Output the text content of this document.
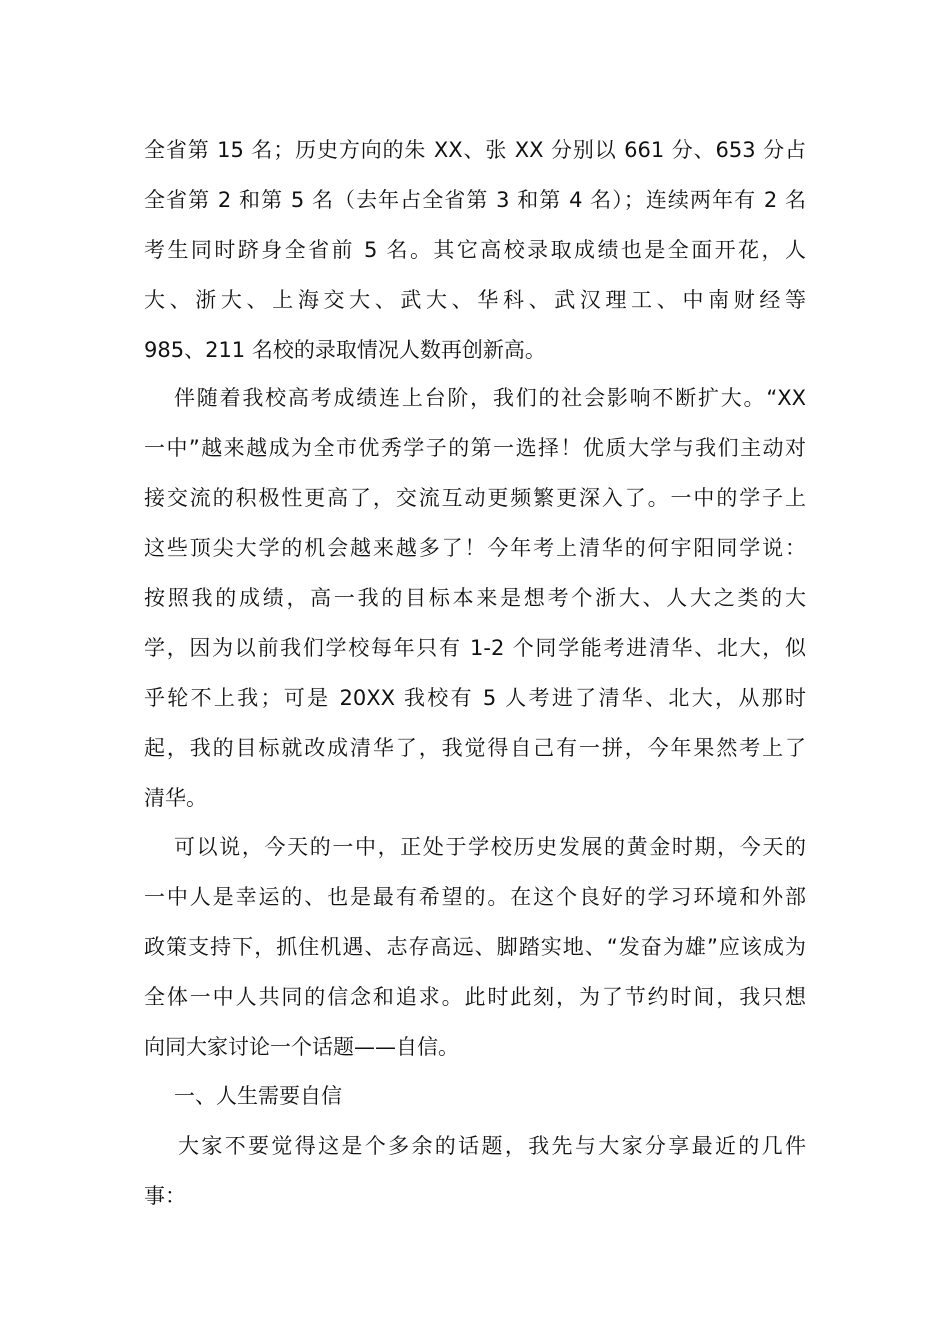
全省第 15 名；历史方向的朱 XX、张 XX 分别以 661 分、653 分占
全省第 2 和第 5 名（去年占全省第 3 和第 4 名）；连续两年有 2 名
考生同时跻身全省前 5 名。其它高校录取成绩也是全面开花，人
大、浙大、上海交大、武大、华科、武汉理工、中南财经等
985、211 名校的录取情况人数再创新高。
伴随着我校高考成绩连上台阶，我们的社会影响不断扩大。“XX
一中”越来越成为全市优秀学子的第一选择！优质大学与我们主动对
接交流的积极性更高了，交流互动更频繁更深入了。一中的学子上
这些顶尖大学的机会越来越多了！今年考上清华的何宇阳同学说：
按照我的成绩，高一我的目标本来是想考个浙大、人大之类的大
学，因为以前我们学校每年只有 1-2 个同学能考进清华、北大，似
乎轮不上我；可是 20XX 我校有 5 人考进了清华、北大，从那时
起，我的目标就改成清华了，我觉得自己有一拼，今年果然考上了
清华。
可以说，今天的一中，正处于学校历史发展的黄金时期，今天的
一中人是幸运的、也是最有希望的。在这个良好的学习环境和外部
政策支持下，抓住机遇、志存高远、脚踏实地、“发奋为雄”应该成为
全体一中人共同的信念和追求。此时此刻，为了节约时间，我只想
向同大家讨论一个话题——自信。
一、人生需要自信
大家不要觉得这是个多余的话题，我先与大家分享最近的几件
事：
